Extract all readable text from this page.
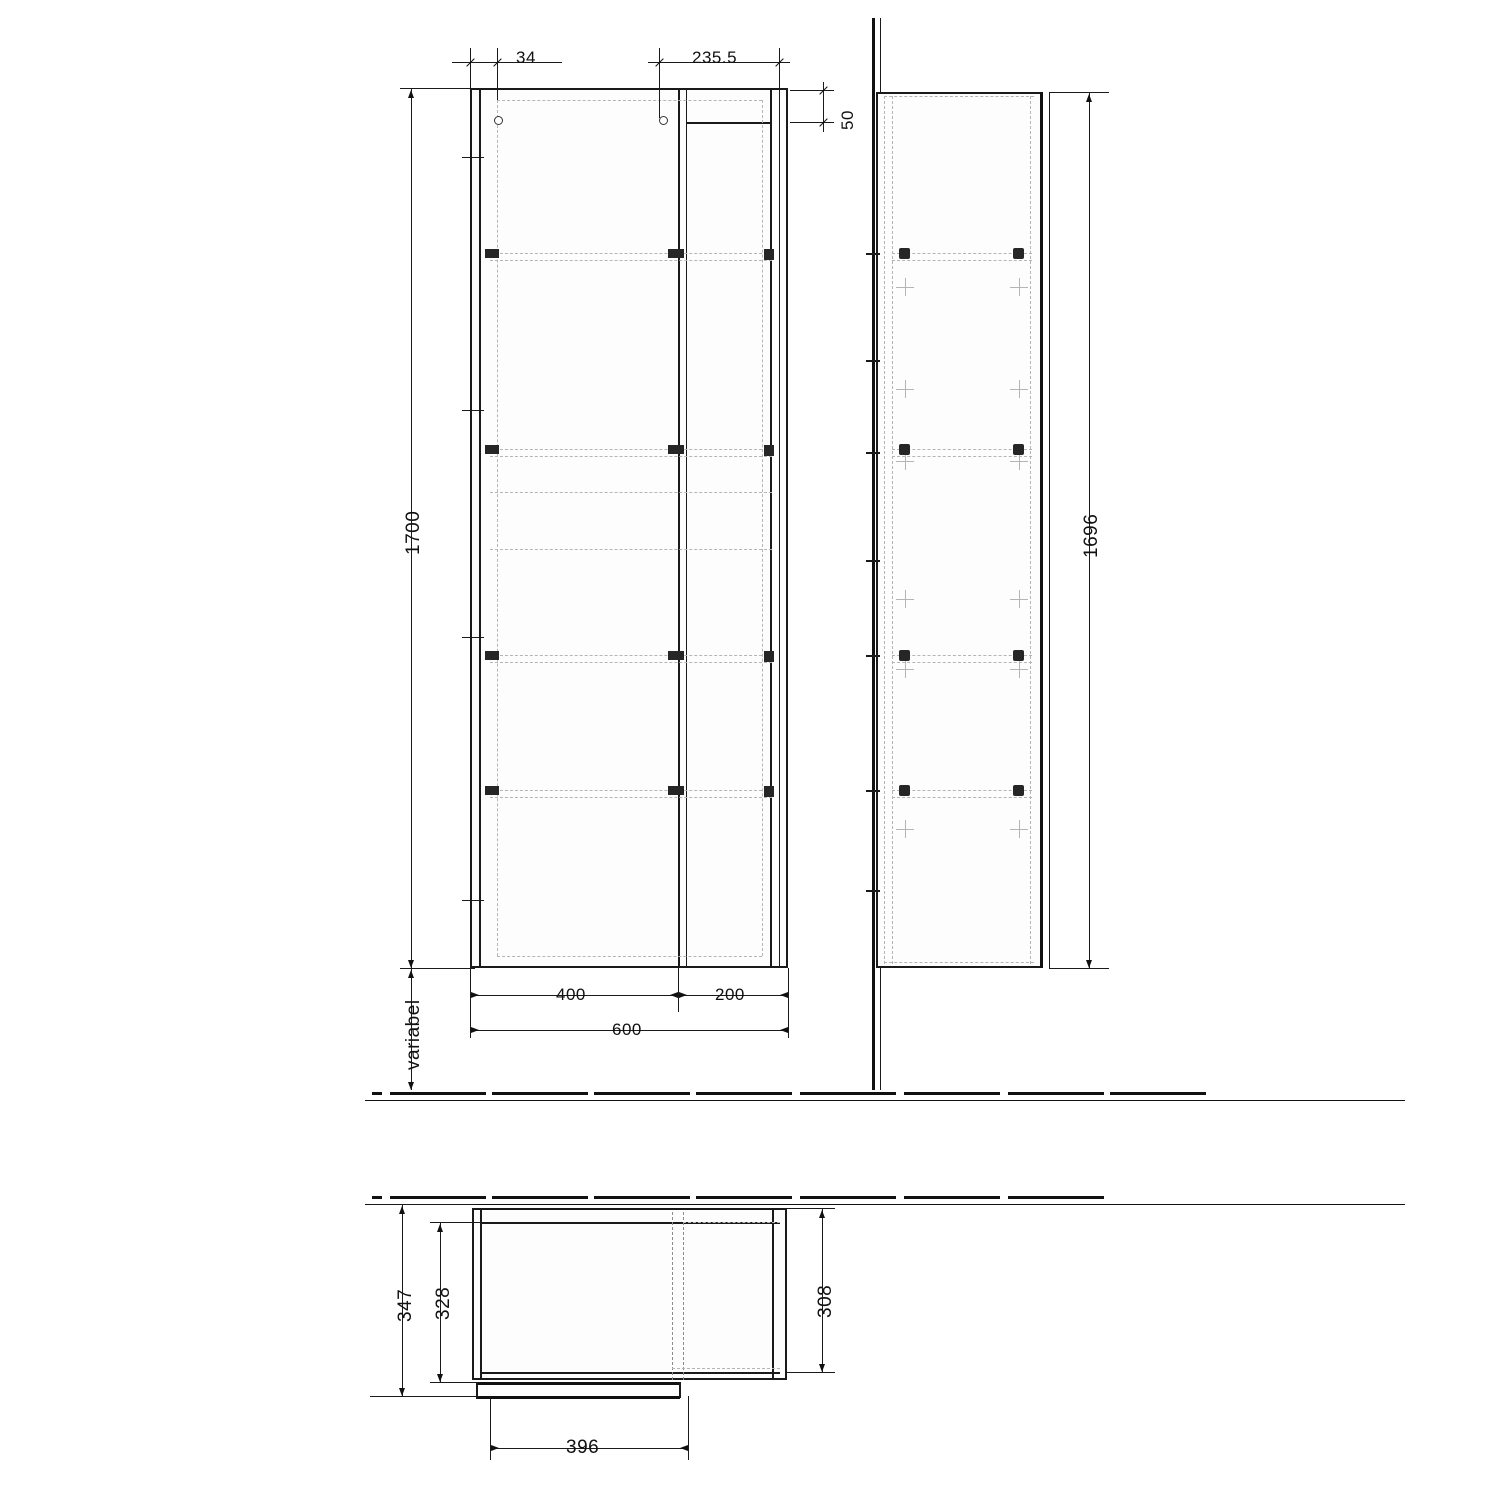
34	235.5
50
1700
variabel
400	200
600
1696
347 328	308
396
